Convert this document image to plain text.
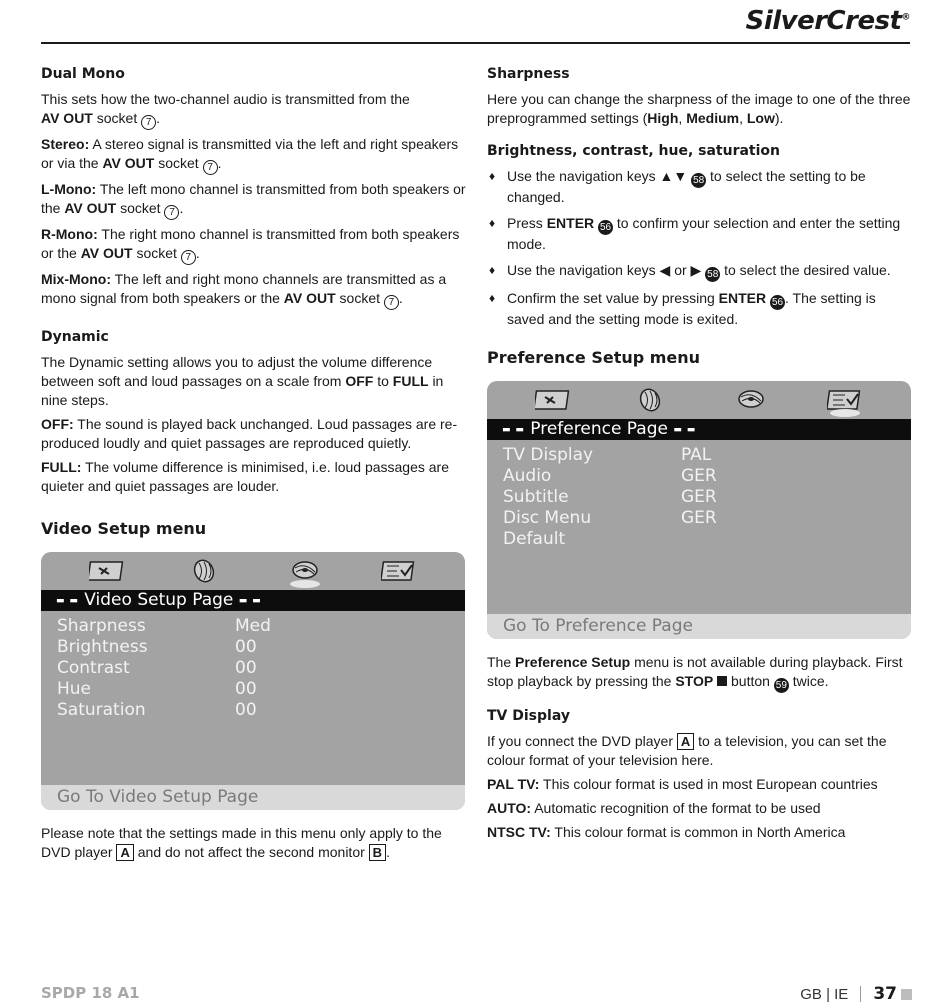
SilverCrest®
Dual Mono

This sets how the two-channel audio is transmitted from the
AV OUT socket 7 .

Stereo: A stereo signal is transmitted via the left and right speakers or via the AV OUT socket 7 .

L-Mono: The left mono channel is transmitted from both speakers or the AV OUT socket 7 .

R-Mono: The right mono channel is transmitted from both speakers or the AV OUT socket 7 .

Mix-Mono: The left and right mono channels are transmitted as a mono signal from both speakers or the AV OUT socket 7 .

Dynamic

The Dynamic setting allows you to adjust the volume difference between soft and loud passages on a scale from OFF to FULL in nine steps.

OFF: The sound is played back unchanged. Loud passages are reproduced loudly and quiet passages are reproduced quietly.

FULL: The volume difference is minimised, i.e. loud passages are quieter and quiet passages are louder.

Video Setup menu
▬ ▬ Video Setup Page ▬ ▬
Sharpness	Med
Brightness	00
Contrast	00
Hue	00
Saturation	00
Go To Video Setup Page

Please note that the settings made in this menu only apply to the DVD player A and do not affect the second monitor B .

Sharpness

Here you can change the sharpness of the image to one of the three preprogrammed settings (High, Medium, Low).

Brightness, contrast, hue, saturation
♦ Use the navigation keys ▲▼ 58 to select the setting to be changed.
♦ Press ENTER 56 to confirm your selection and enter the setting mode.
♦ Use the navigation keys ◀ or ▶ 58 to select the desired value.
♦ Confirm the set value by pressing ENTER 56 . The setting is saved and the setting mode is exited.
Preference Setup menu
▬ ▬ Preference Page ▬ ▬
TV Display	PAL
Audio	GER
Subtitle	GER
Disc Menu	GER
Default
Go To Preference Page

The Preference Setup menu is not available during playback. First stop playback by pressing the STOP button 59 twice.

TV Display

If you connect the DVD player A to a television, you can set the colour format of your television here.

PAL TV: This colour format is used in most European countries

AUTO: Automatic recognition of the format to be used

NTSC TV: This colour format is common in North America

SPDP 18 A1	GB | IE 37
